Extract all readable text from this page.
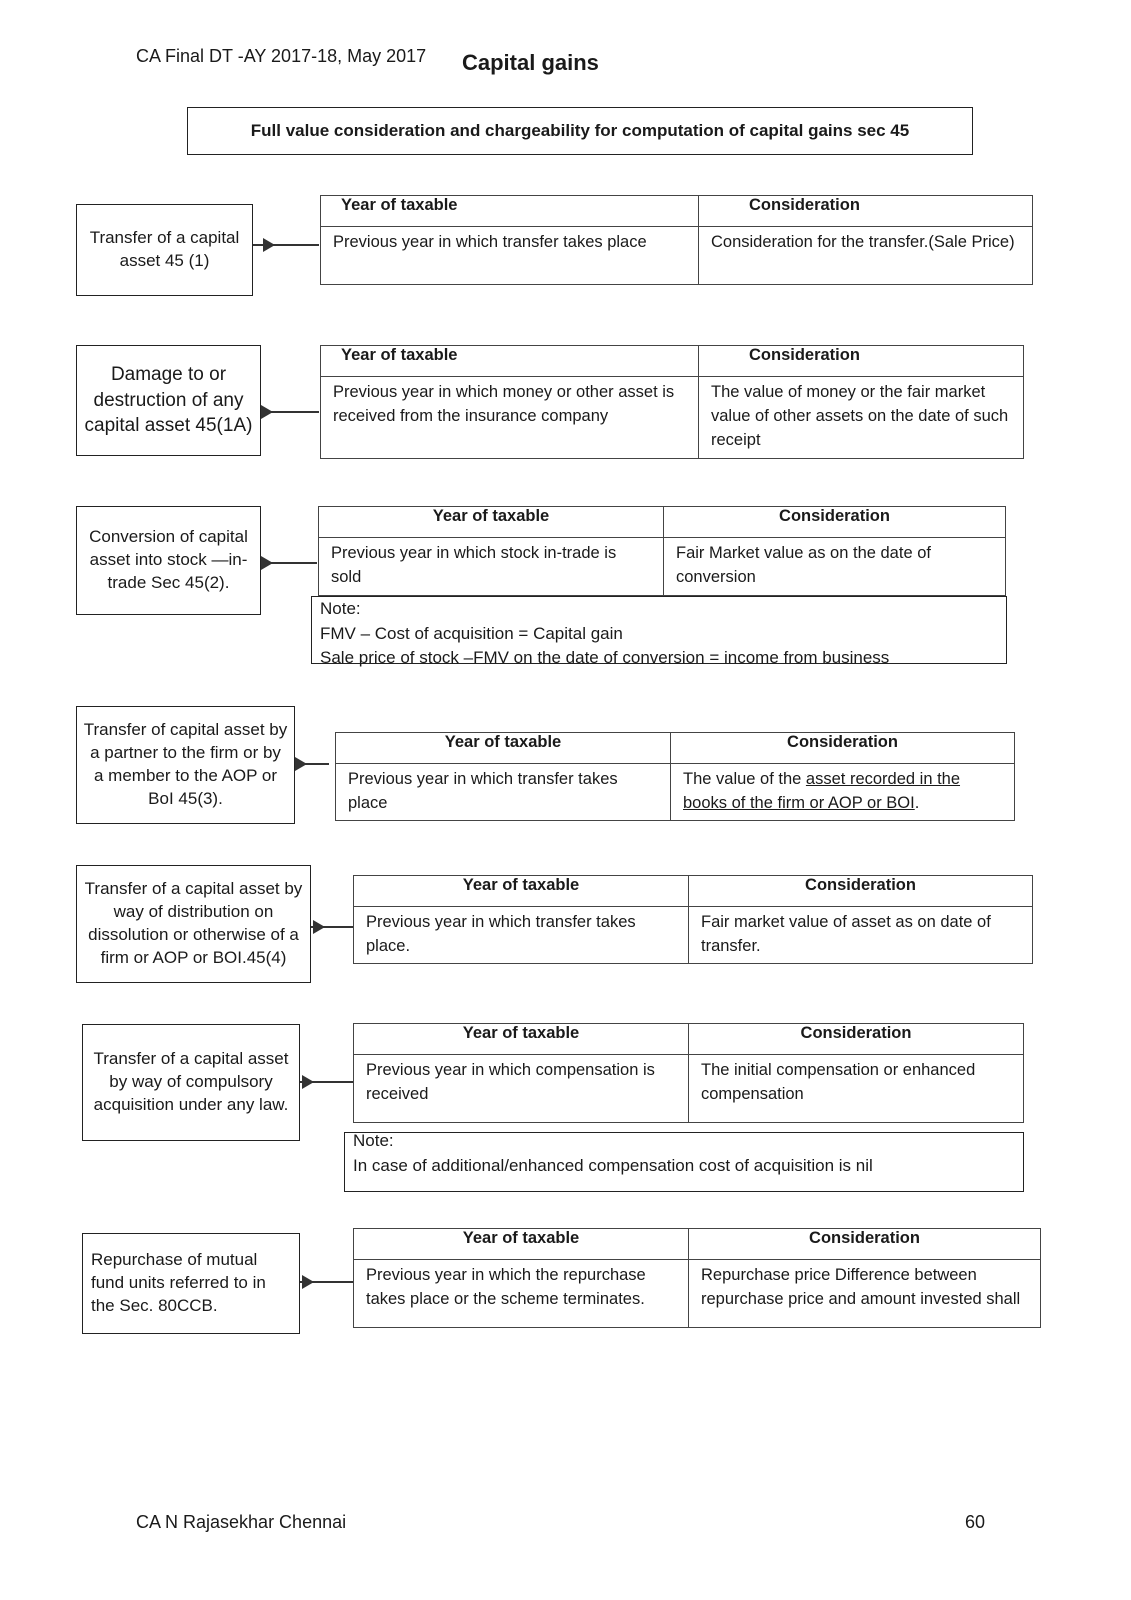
CA Final DT -AY 2017-18, May 2017 Capital gains
Full value consideration and chargeability for computation of capital gains sec 45
Transfer of a capital asset 45 (1)
Year of taxable	Consideration
Previous year in which transfer takes place	Consideration for the transfer.(Sale Price)
Damage to or destruction of any capital asset 45(1A)
Year of taxable	Consideration
Previous year in which money or other asset is received from the insurance company	The value of money or the fair market value of other assets on the date of such receipt
Conversion of capital asset into stock —in-trade Sec 45(2).
Year of taxable	Consideration
Previous year in which stock in-trade is sold	Fair Market value as on the date of conversion
Note:
FMV – Cost of acquisition = Capital gain
Sale price of stock –FMV on the date of conversion = income from business
Transfer of capital asset by a partner to the firm or by a member to the AOP or BoI 45(3).
Year of taxable	Consideration
Previous year in which transfer takes place	The value of the asset recorded in the books of the firm or AOP or BOI.
Transfer of a capital asset by way of distribution on dissolution or otherwise of a firm or AOP or BOI.45(4)
Year of taxable	Consideration
Previous year in which transfer takes place.	Fair market value of asset as on date of transfer.
Transfer of a capital asset by way of compulsory acquisition under any law.
Year of taxable	Consideration
Previous year in which compensation is received	The initial compensation or enhanced compensation
Note:
In case of additional/enhanced compensation cost of acquisition is nil
Repurchase of mutual fund units referred to in the Sec. 80CCB.
Year of taxable	Consideration
Previous year in which the repurchase takes place or the scheme terminates.	Repurchase price Difference between repurchase price and amount invested shall
CA N Rajasekhar Chennai	60
